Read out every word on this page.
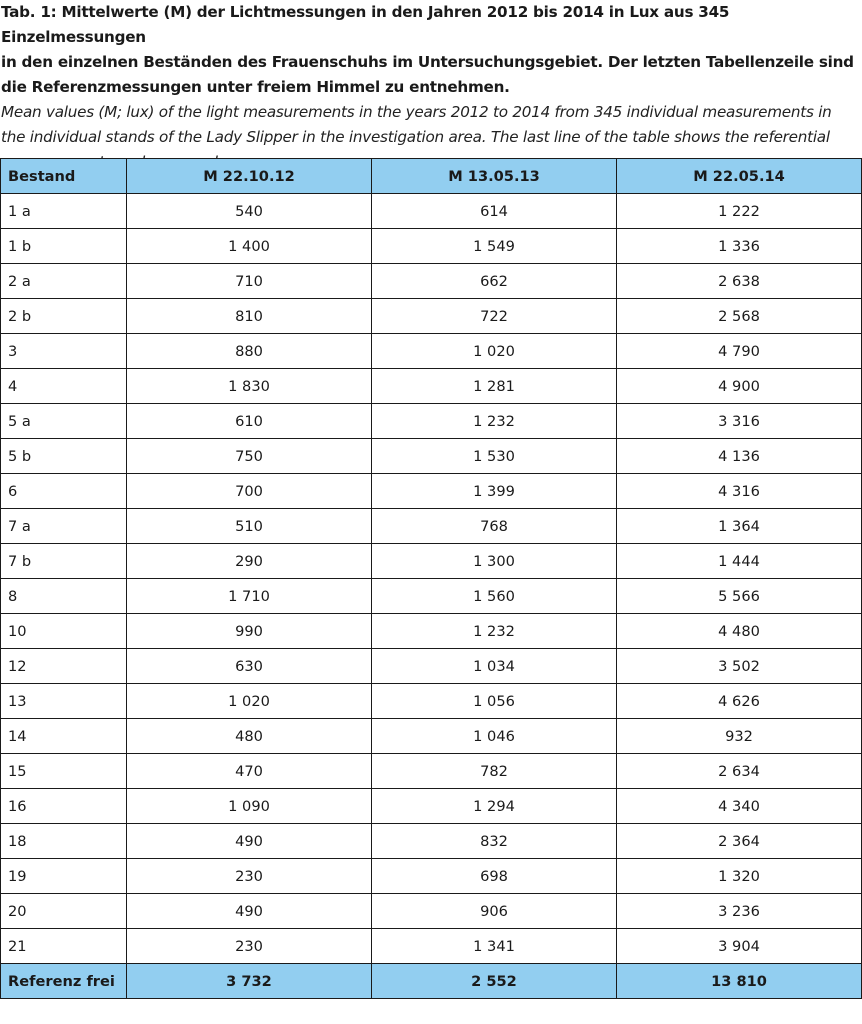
Tab. 1: Mittelwerte (M) der Lichtmessungen in den Jahren 2012 bis 2014 in Lux aus 345 Einzelmessungen
in den einzelnen Beständen des Frauenschuhs im Untersuchungsgebiet. Der letzten Tabellenzeile sind
die Referenzmessungen unter freiem Himmel zu entnehmen.

Mean values (M; lux) of the light measurements in the years 2012 to 2014 from 345 individual measurements in
the individual stands of the Lady Slipper in the investigation area. The last line of the table shows the referential

Bestand	M 22.10.12	M 13.05.13	M 22.05.14
1 a	540	614	1 222
1 b	1 400	1 549	1 336
2 a	710	662	2 638
2 b	810	722	2 568
3	880	1 020	4 790
4	1 830	1 281	4 900
5 a	610	1 232	3 316
5 b	750	1 530	4 136
6	700	1 399	4 316
7 a	510	768	1 364
7 b	290	1 300	1 444
8	1 710	1 560	5 566
10	990	1 232	4 480
12	630	1 034	3 502
13	1 020	1 056	4 626
14	480	1 046	932
15	470	782	2 634
16	1 090	1 294	4 340
18	490	832	2 364
19	230	698	1 320
20	490	906	3 236
21	230	1 341	3 904
Referenz frei	3 732	2 552	13 810
